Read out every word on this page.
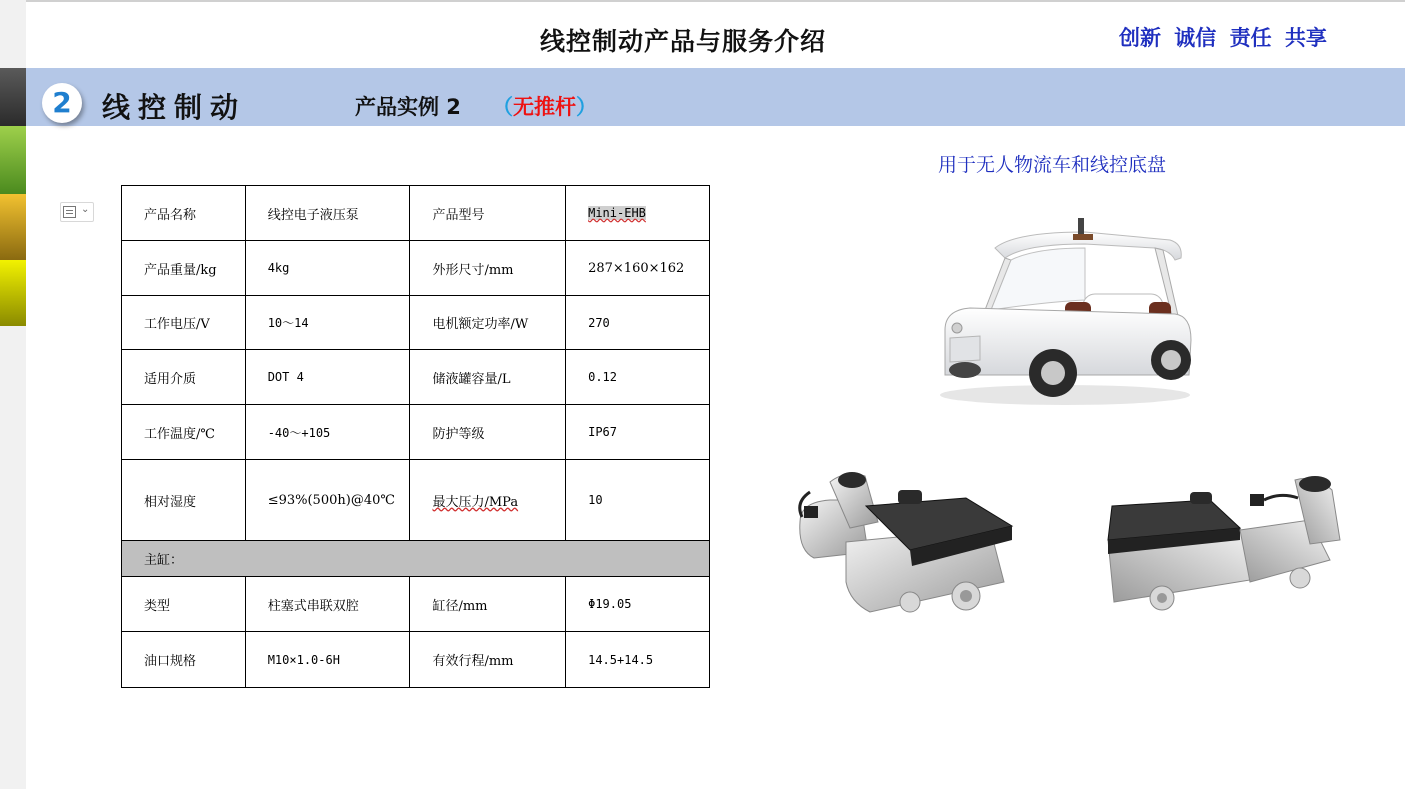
线控制动产品与服务介绍	创新 诚信 责任 共享
2	线控制动	产品实例 2 （无推杆）
用于无人物流车和线控底盘
⌄	产品名称	线控电子液压泵	产品型号	Mini-EHB
产品重量/kg	4kg	外形尺寸/mm	287×160×162
工作电压/V	10～14	电机额定功率/W	270
适用介质	DOT 4	储液罐容量/L	0.12
工作温度/℃	-40～+105	防护等级	IP67
相对湿度	≤93%(500h)@40℃	最大压力/MPa	10
主缸：			
类型	柱塞式串联双腔	缸径/mm	Φ19.05
油口规格	M10×1.0-6H	有效行程/mm	14.5+14.5
